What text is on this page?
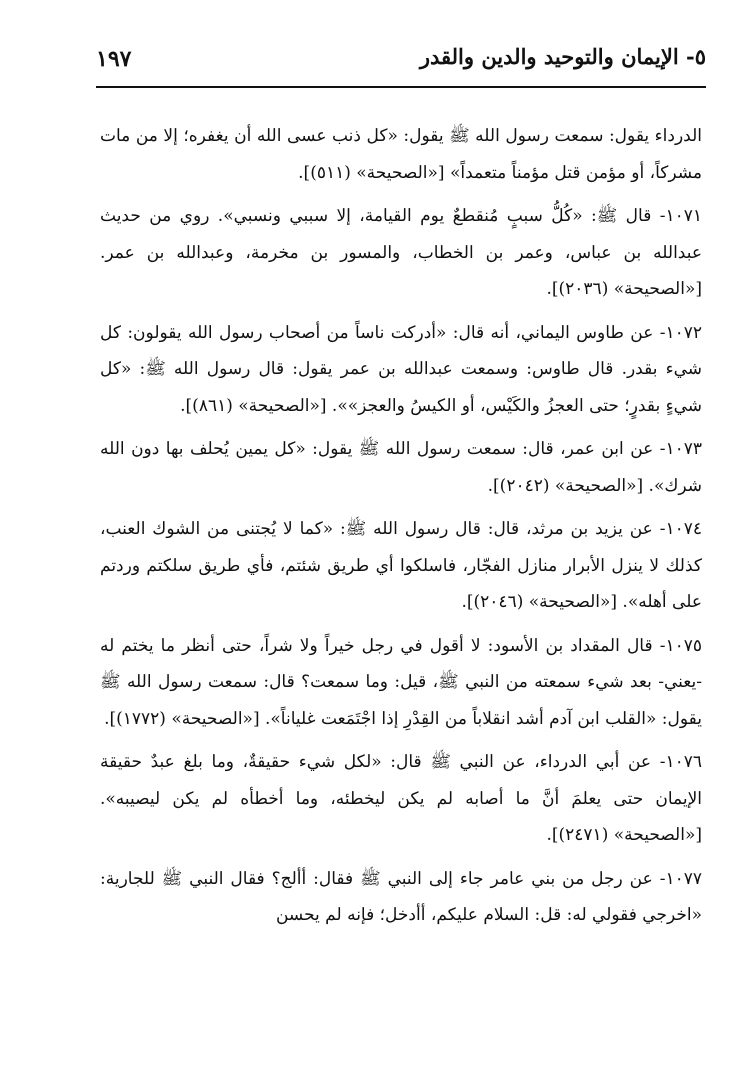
٥- الإيمان والتوحيد والدين والقدر
١٩٧

الدرداء يقول: سمعت رسول الله ﷺ يقول: «كل ذنب عسى الله أن يغفره؛ إلا من مات مشركاً، أو مؤمن قتل مؤمناً متعمداً» [«الصحيحة» (٥١١)].

١٠٧١- قال ﷺ: «كُلُّ سببٍ مُنقطعٌ يوم القيامة، إلا سببي ونسبي». روي من حديث عبدالله بن عباس، وعمر بن الخطاب، والمسور بن مخرمة، وعبدالله بن عمر. [«الصحيحة» (٢٠٣٦)].

١٠٧٢- عن طاوس اليماني، أنه قال: «أدركت ناساً من أصحاب رسول الله يقولون: كل شيء بقدر. قال طاوس: وسمعت عبدالله بن عمر يقول: قال رسول الله ﷺ: «كل شيءٍ بقدرٍ؛ حتى العجزُ والكَيْس، أو الكيسُ والعجز»». [«الصحيحة» (٨٦١)].

١٠٧٣- عن ابن عمر، قال: سمعت رسول الله ﷺ يقول: «كل يمين يُحلف بها دون الله شرك». [«الصحيحة» (٢٠٤٢)].

١٠٧٤- عن يزيد بن مرثد، قال: قال رسول الله ﷺ: «كما لا يُجتنى من الشوك العنب، كذلك لا ينزل الأبرار منازل الفجّار، فاسلكوا أي طريق شئتم، فأي طريق سلكتم وردتم على أهله». [«الصحيحة» (٢٠٤٦)].

١٠٧٥- قال المقداد بن الأسود: لا أقول في رجل خيراً ولا شراً، حتى أنظر ما يختم له -يعني- بعد شيء سمعته من النبي ﷺ، قيل: وما سمعت؟ قال: سمعت رسول الله ﷺ يقول: «القلب ابن آدم أشد انقلاباً من القِدْرِ إذا اجْتَمَعت غلياناً». [«الصحيحة» (١٧٧٢)].

١٠٧٦- عن أبي الدرداء، عن النبي ﷺ قال: «لكل شيء حقيقةٌ، وما بلغ عبدٌ حقيقة الإيمان حتى يعلمَ أنَّ ما أصابه لم يكن ليخطئه، وما أخطأه لم يكن ليصيبه». [«الصحيحة» (٢٤٧١)].

١٠٧٧- عن رجل من بني عامر جاء إلى النبي ﷺ فقال: أألج؟ فقال النبي ﷺ للجارية: «اخرجي فقولي له: قل: السلام عليكم، أأدخل؛ فإنه لم يحسن
